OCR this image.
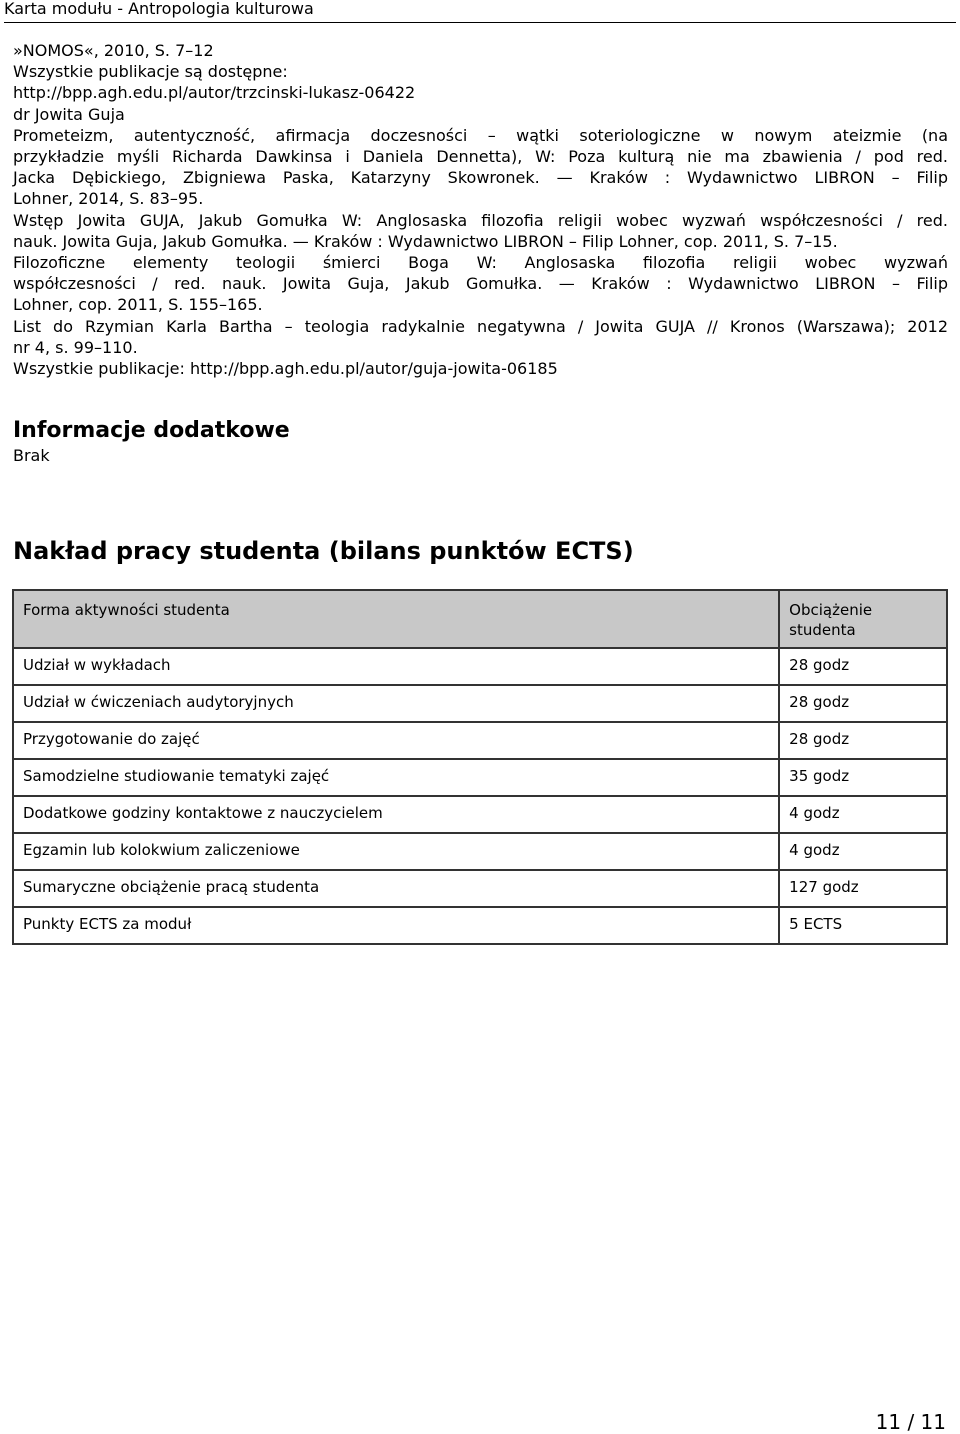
Karta modułu - Antropologia kulturowa
»NOMOS«, 2010, S. 7–12
Wszystkie publikacje są dostępne:
http://bpp.agh.edu.pl/autor/trzcinski-lukasz-06422
dr Jowita Guja
Prometeizm, autentyczność, afirmacja doczesności – wątki soteriologiczne w nowym ateizmie (na
przykładzie myśli Richarda Dawkinsa i Daniela Dennetta), W: Poza kulturą nie ma zbawienia / pod red.
Jacka Dębickiego, Zbigniewa Paska, Katarzyny Skowronek. — Kraków : Wydawnictwo LIBRON – Filip
Lohner, 2014, S. 83–95.
Wstęp Jowita GUJA, Jakub Gomułka W: Anglosaska filozofia religii wobec wyzwań współczesności / red.
nauk. Jowita Guja, Jakub Gomułka. — Kraków : Wydawnictwo LIBRON – Filip Lohner, cop. 2011, S. 7–15.
Filozoficzne elementy teologii śmierci Boga W: Anglosaska filozofia religii wobec wyzwań
współczesności / red. nauk. Jowita Guja, Jakub Gomułka. — Kraków : Wydawnictwo LIBRON – Filip
Lohner, cop. 2011, S. 155–165.
List do Rzymian Karla Bartha – teologia radykalnie negatywna / Jowita GUJA // Kronos (Warszawa); 2012
nr 4, s. 99–110.
Wszystkie publikacje: http://bpp.agh.edu.pl/autor/guja-jowita-06185
Informacje dodatkowe
Brak
Nakład pracy studenta (bilans punktów ECTS)
Forma aktywności studenta	Obciążenie studenta
Udział w wykładach	28 godz
Udział w ćwiczeniach audytoryjnych	28 godz
Przygotowanie do zajęć	28 godz
Samodzielne studiowanie tematyki zajęć	35 godz
Dodatkowe godziny kontaktowe z nauczycielem	4 godz
Egzamin lub kolokwium zaliczeniowe	4 godz
Sumaryczne obciążenie pracą studenta	127 godz
Punkty ECTS za moduł	5 ECTS
11 / 11
